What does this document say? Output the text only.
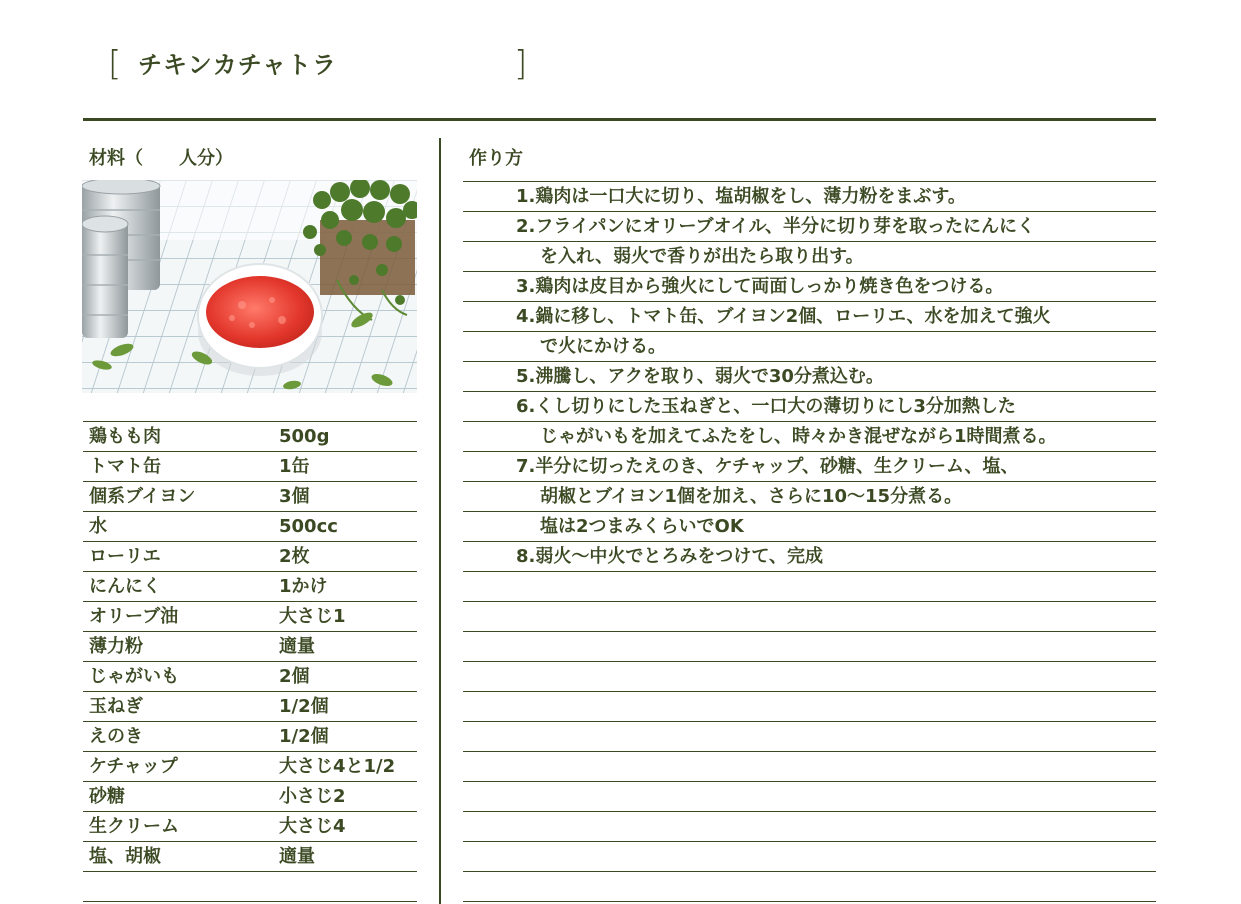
[ チキンカチャトラ	]
材料（　　人分）
鶏もも肉	500g
トマト缶	1缶
個系ブイヨン	3個
水	500cc
ローリエ	2枚
にんにく	1かけ
オリーブ油	大さじ1
薄力粉	適量
じゃがいも	2個
玉ねぎ	1/2個
えのき	1/2個
ケチャップ	大さじ4と1/2
砂糖	小さじ2
生クリーム	大さじ4
塩、胡椒	適量
作り方
1.鶏肉は一口大に切り、塩胡椒をし、薄力粉をまぶす。
2.フライパンにオリーブオイル、半分に切り芽を取ったにんにく
を入れ、弱火で香りが出たら取り出す。
3.鶏肉は皮目から強火にして両面しっかり焼き色をつける。
4.鍋に移し、トマト缶、ブイヨン2個、ローリエ、水を加えて強火
で火にかける。
5.沸騰し、アクを取り、弱火で30分煮込む。
6.くし切りにした玉ねぎと、一口大の薄切りにし3分加熱した
じゃがいもを加えてふたをし、時々かき混ぜながら1時間煮る。
7.半分に切ったえのき、ケチャップ、砂糖、生クリーム、塩、
胡椒とブイヨン1個を加え、さらに10～15分煮る。
塩は2つまみくらいでOK
8.弱火～中火でとろみをつけて、完成
